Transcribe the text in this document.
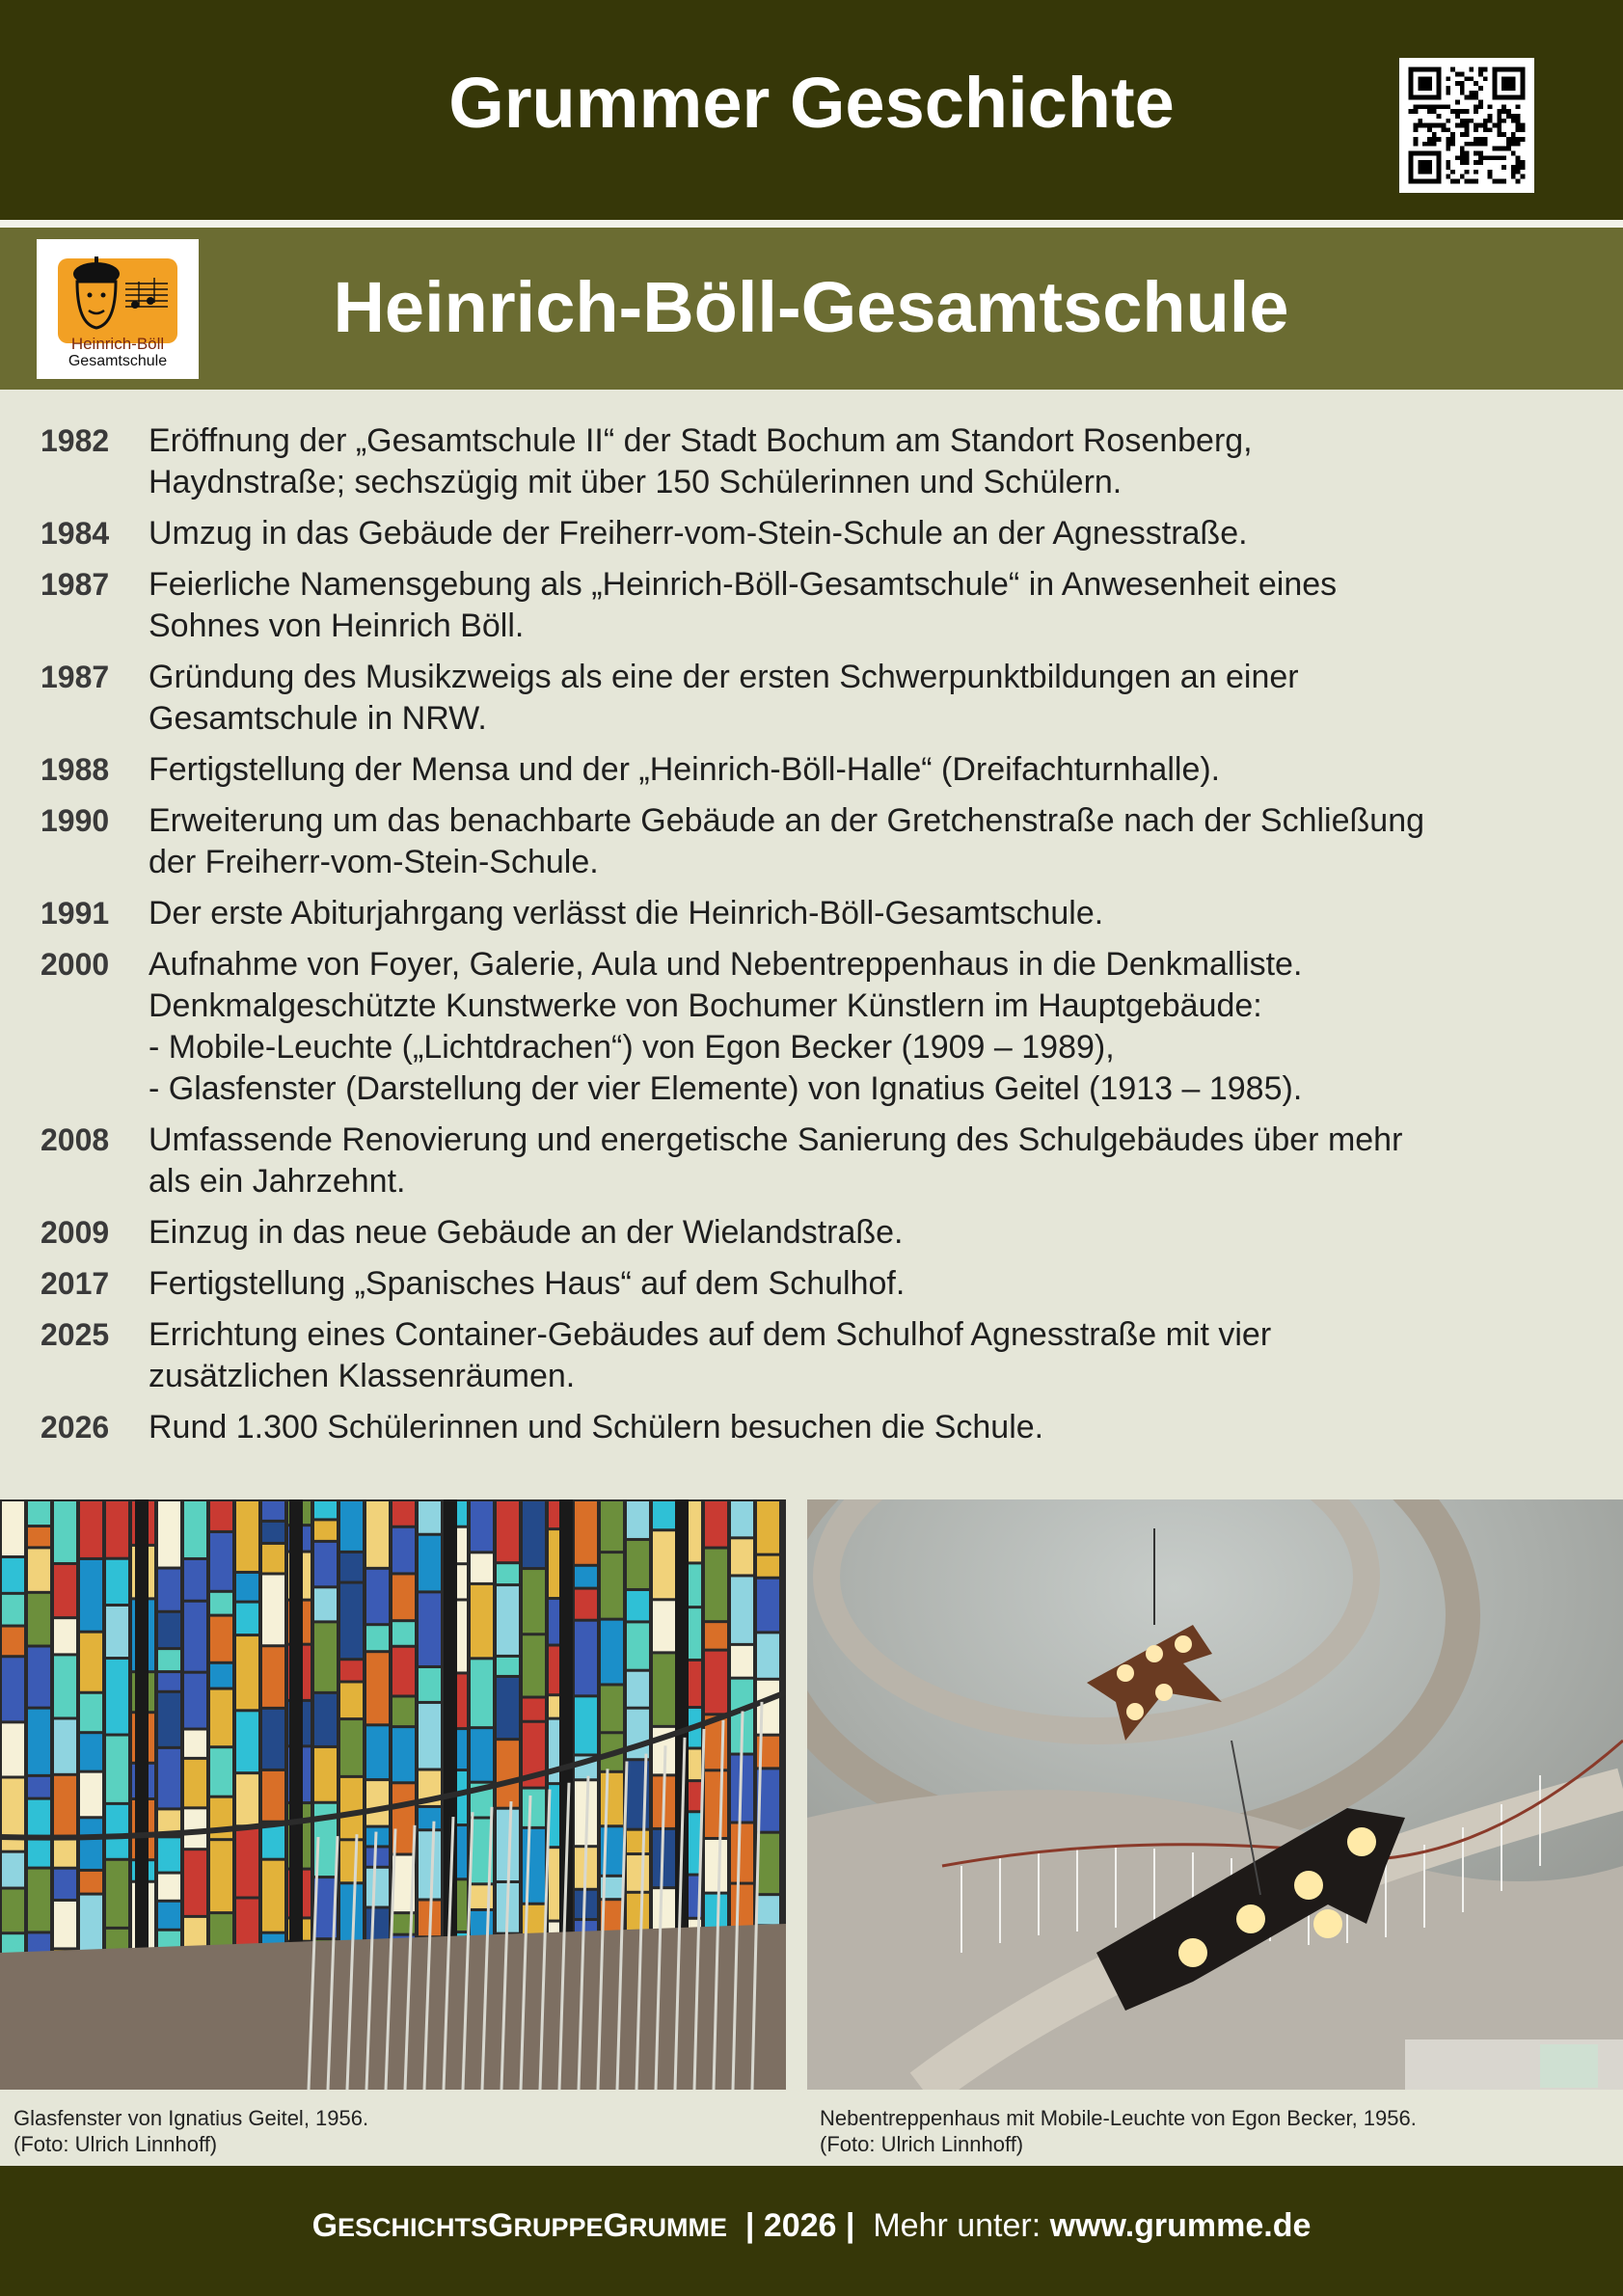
Grummer Geschichte
Heinrich-Böll
Gesamtschule
Heinrich-Böll-Gesamtschule
1982	Eröffnung der „Gesamtschule II“ der Stadt Bochum am Standort Rosenberg,
Haydnstraße; sechszügig mit über 150 Schülerinnen und Schülern.
1984	Umzug in das Gebäude der Freiherr-vom-Stein-Schule an der Agnesstraße.
1987	Feierliche Namensgebung als „Heinrich-Böll-Gesamtschule“ in Anwesenheit eines
Sohnes von Heinrich Böll.
1987	Gründung des Musikzweigs als eine der ersten Schwerpunktbildungen an einer
Gesamtschule in NRW.
1988	Fertigstellung der Mensa und der „Heinrich-Böll-Halle“ (Dreifachturnhalle).
1990	Erweiterung um das benachbarte Gebäude an der Gretchenstraße nach der Schließung
der Freiherr-vom-Stein-Schule.
1991	Der erste Abiturjahrgang verlässt die Heinrich-Böll-Gesamtschule.
2000	Aufnahme von Foyer, Galerie, Aula und Nebentreppenhaus in die Denkmalliste.
Denkmalgeschützte Kunstwerke von Bochumer Künstlern im Hauptgebäude:
- Mobile-Leuchte („Lichtdrachen“) von Egon Becker (1909 – 1989),
- Glasfenster (Darstellung der vier Elemente) von Ignatius Geitel (1913 – 1985).
2008	Umfassende Renovierung und energetische Sanierung des Schulgebäudes über mehr
als ein Jahrzehnt.
2009	Einzug in das neue Gebäude an der Wielandstraße.
2017	Fertigstellung „Spanisches Haus“ auf dem Schulhof.
2025	Errichtung eines Container-Gebäudes auf dem Schulhof Agnesstraße mit vier
zusätzlichen Klassenräumen.
2026	Rund 1.300 Schülerinnen und Schülern besuchen die Schule.
Glasfenster von Ignatius Geitel, 1956.
(Foto: Ulrich Linnhoff)
Nebentreppenhaus mit Mobile-Leuchte von Egon Becker, 1956.
(Foto: Ulrich Linnhoff)
GESCHICHTSGRUPPEGRUMME  | 2026 |  Mehr unter: www.grumme.de
